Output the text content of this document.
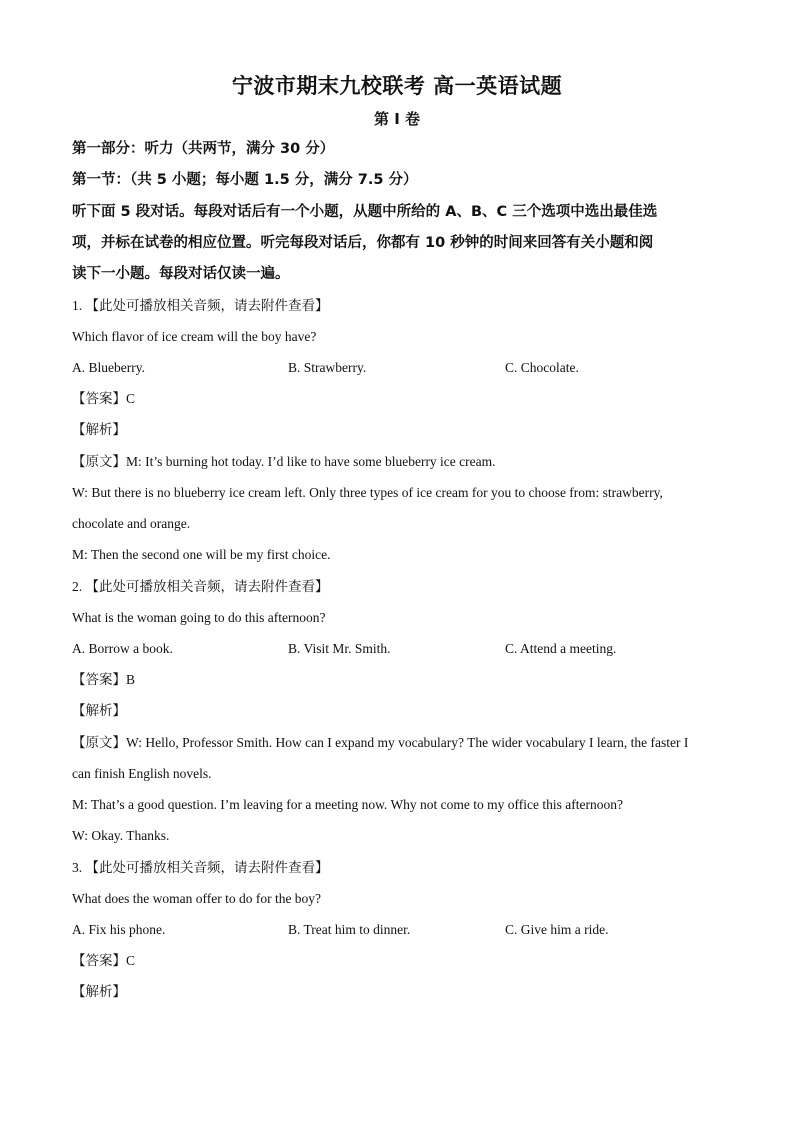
宁波市期末九校联考 高一英语试题
第 I 卷
第一部分：听力（共两节，满分 30 分）
第一节：（共 5 小题；每小题 1.5 分，满分 7.5 分）
听下面 5 段对话。每段对话后有一个小题，从题中所给的 A、B、C 三个选项中选出最佳选
项，并标在试卷的相应位置。听完每段对话后，你都有 10 秒钟的时间来回答有关小题和阅
读下一小题。每段对话仅读一遍。
1. 【此处可播放相关音频，请去附件查看】
Which flavor of ice cream will the boy have?
A. Blueberry.	B. Strawberry.	C. Chocolate.
【答案】C
【解析】
【原文】M: It’s burning hot today. I’d like to have some blueberry ice cream.
W: But there is no blueberry ice cream left. Only three types of ice cream for you to choose from: strawberry,
chocolate and orange.
M: Then the second one will be my first choice.
2. 【此处可播放相关音频，请去附件查看】
What is the woman going to do this afternoon?
A. Borrow a book.	B. Visit Mr. Smith.	C. Attend a meeting.
【答案】B
【解析】
【原文】W: Hello, Professor Smith. How can I expand my vocabulary? The wider vocabulary I learn, the faster I
can finish English novels.
M: That’s a good question. I’m leaving for a meeting now. Why not come to my office this afternoon?
W: Okay. Thanks.
3. 【此处可播放相关音频，请去附件查看】
What does the woman offer to do for the boy?
A. Fix his phone.	B. Treat him to dinner.	C. Give him a ride.
【答案】C
【解析】
